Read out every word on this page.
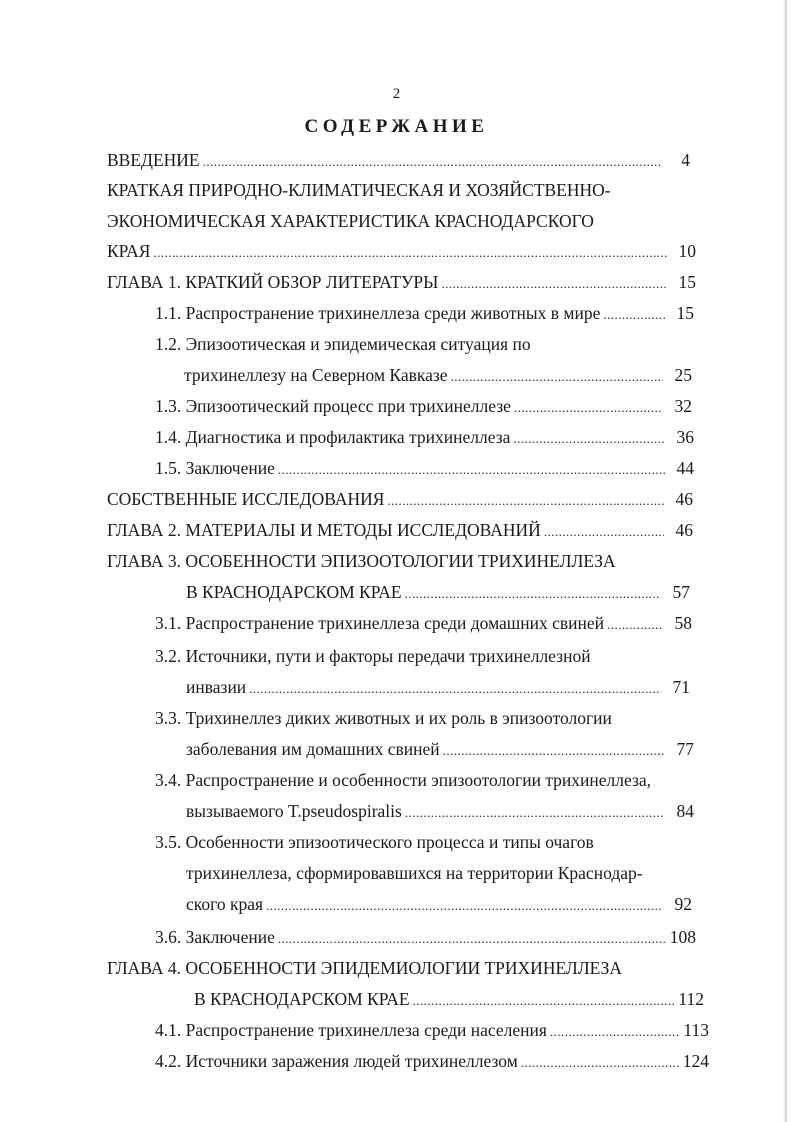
2
СОДЕРЖАНИЕ
ВВЕДЕНИЕ . . .	4
КРАТКАЯ ПРИРОДНО-КЛИМАТИЧЕСКАЯ И ХОЗЯЙСТВЕННО-
ЭКОНОМИЧЕСКАЯ ХАРАКТЕРИСТИКА КРАСНОДАРСКОГО
КРАЯ . . .	10
ГЛАВА 1. КРАТКИЙ ОБЗОР ЛИТЕРАТУРЫ . . .	15
1.1. Распространение трихинеллеза среди животных в мире . . .	15
1.2. Эпизоотическая и эпидемическая ситуация по
трихинеллезу на Северном Кавказе . . .	25
1.3. Эпизоотический процесс при трихинеллезе . . .	32
1.4. Диагностика и профилактика трихинеллеза . . .	36
1.5. Заключение . . .	44
СОБСТВЕННЫЕ ИССЛЕДОВАНИЯ . . .	46
ГЛАВА 2. МАТЕРИАЛЫ И МЕТОДЫ ИССЛЕДОВАНИЙ . . .	46
ГЛАВА 3. ОСОБЕННОСТИ ЭПИЗООТОЛОГИИ ТРИХИНЕЛЛЕЗА
В КРАСНОДАРСКОМ КРАЕ . . .	57
3.1. Распространение трихинеллеза среди домашних свиней . . .	58
3.2. Источники, пути и факторы передачи трихинеллезной
инвазии . . .	71
3.3. Трихинеллез диких животных и их роль в эпизоотологии
заболевания им домашних свиней . . .	77
3.4. Распространение и особенности эпизоотологии трихинеллеза,
вызываемого T.pseudospiralis . . .	84
3.5. Особенности эпизоотического процесса и типы очагов
трихинеллеза, сформировавшихся на территории Краснодар-
ского края . . .	92
3.6. Заключение . . .	108
ГЛАВА 4. ОСОБЕННОСТИ ЭПИДЕМИОЛОГИИ ТРИХИНЕЛЛЕЗА
В КРАСНОДАРСКОМ КРАЕ . . .	112
4.1. Распространение трихинеллеза среди населения . . .	113
4.2. Источники заражения людей трихинеллезом . . .	124
